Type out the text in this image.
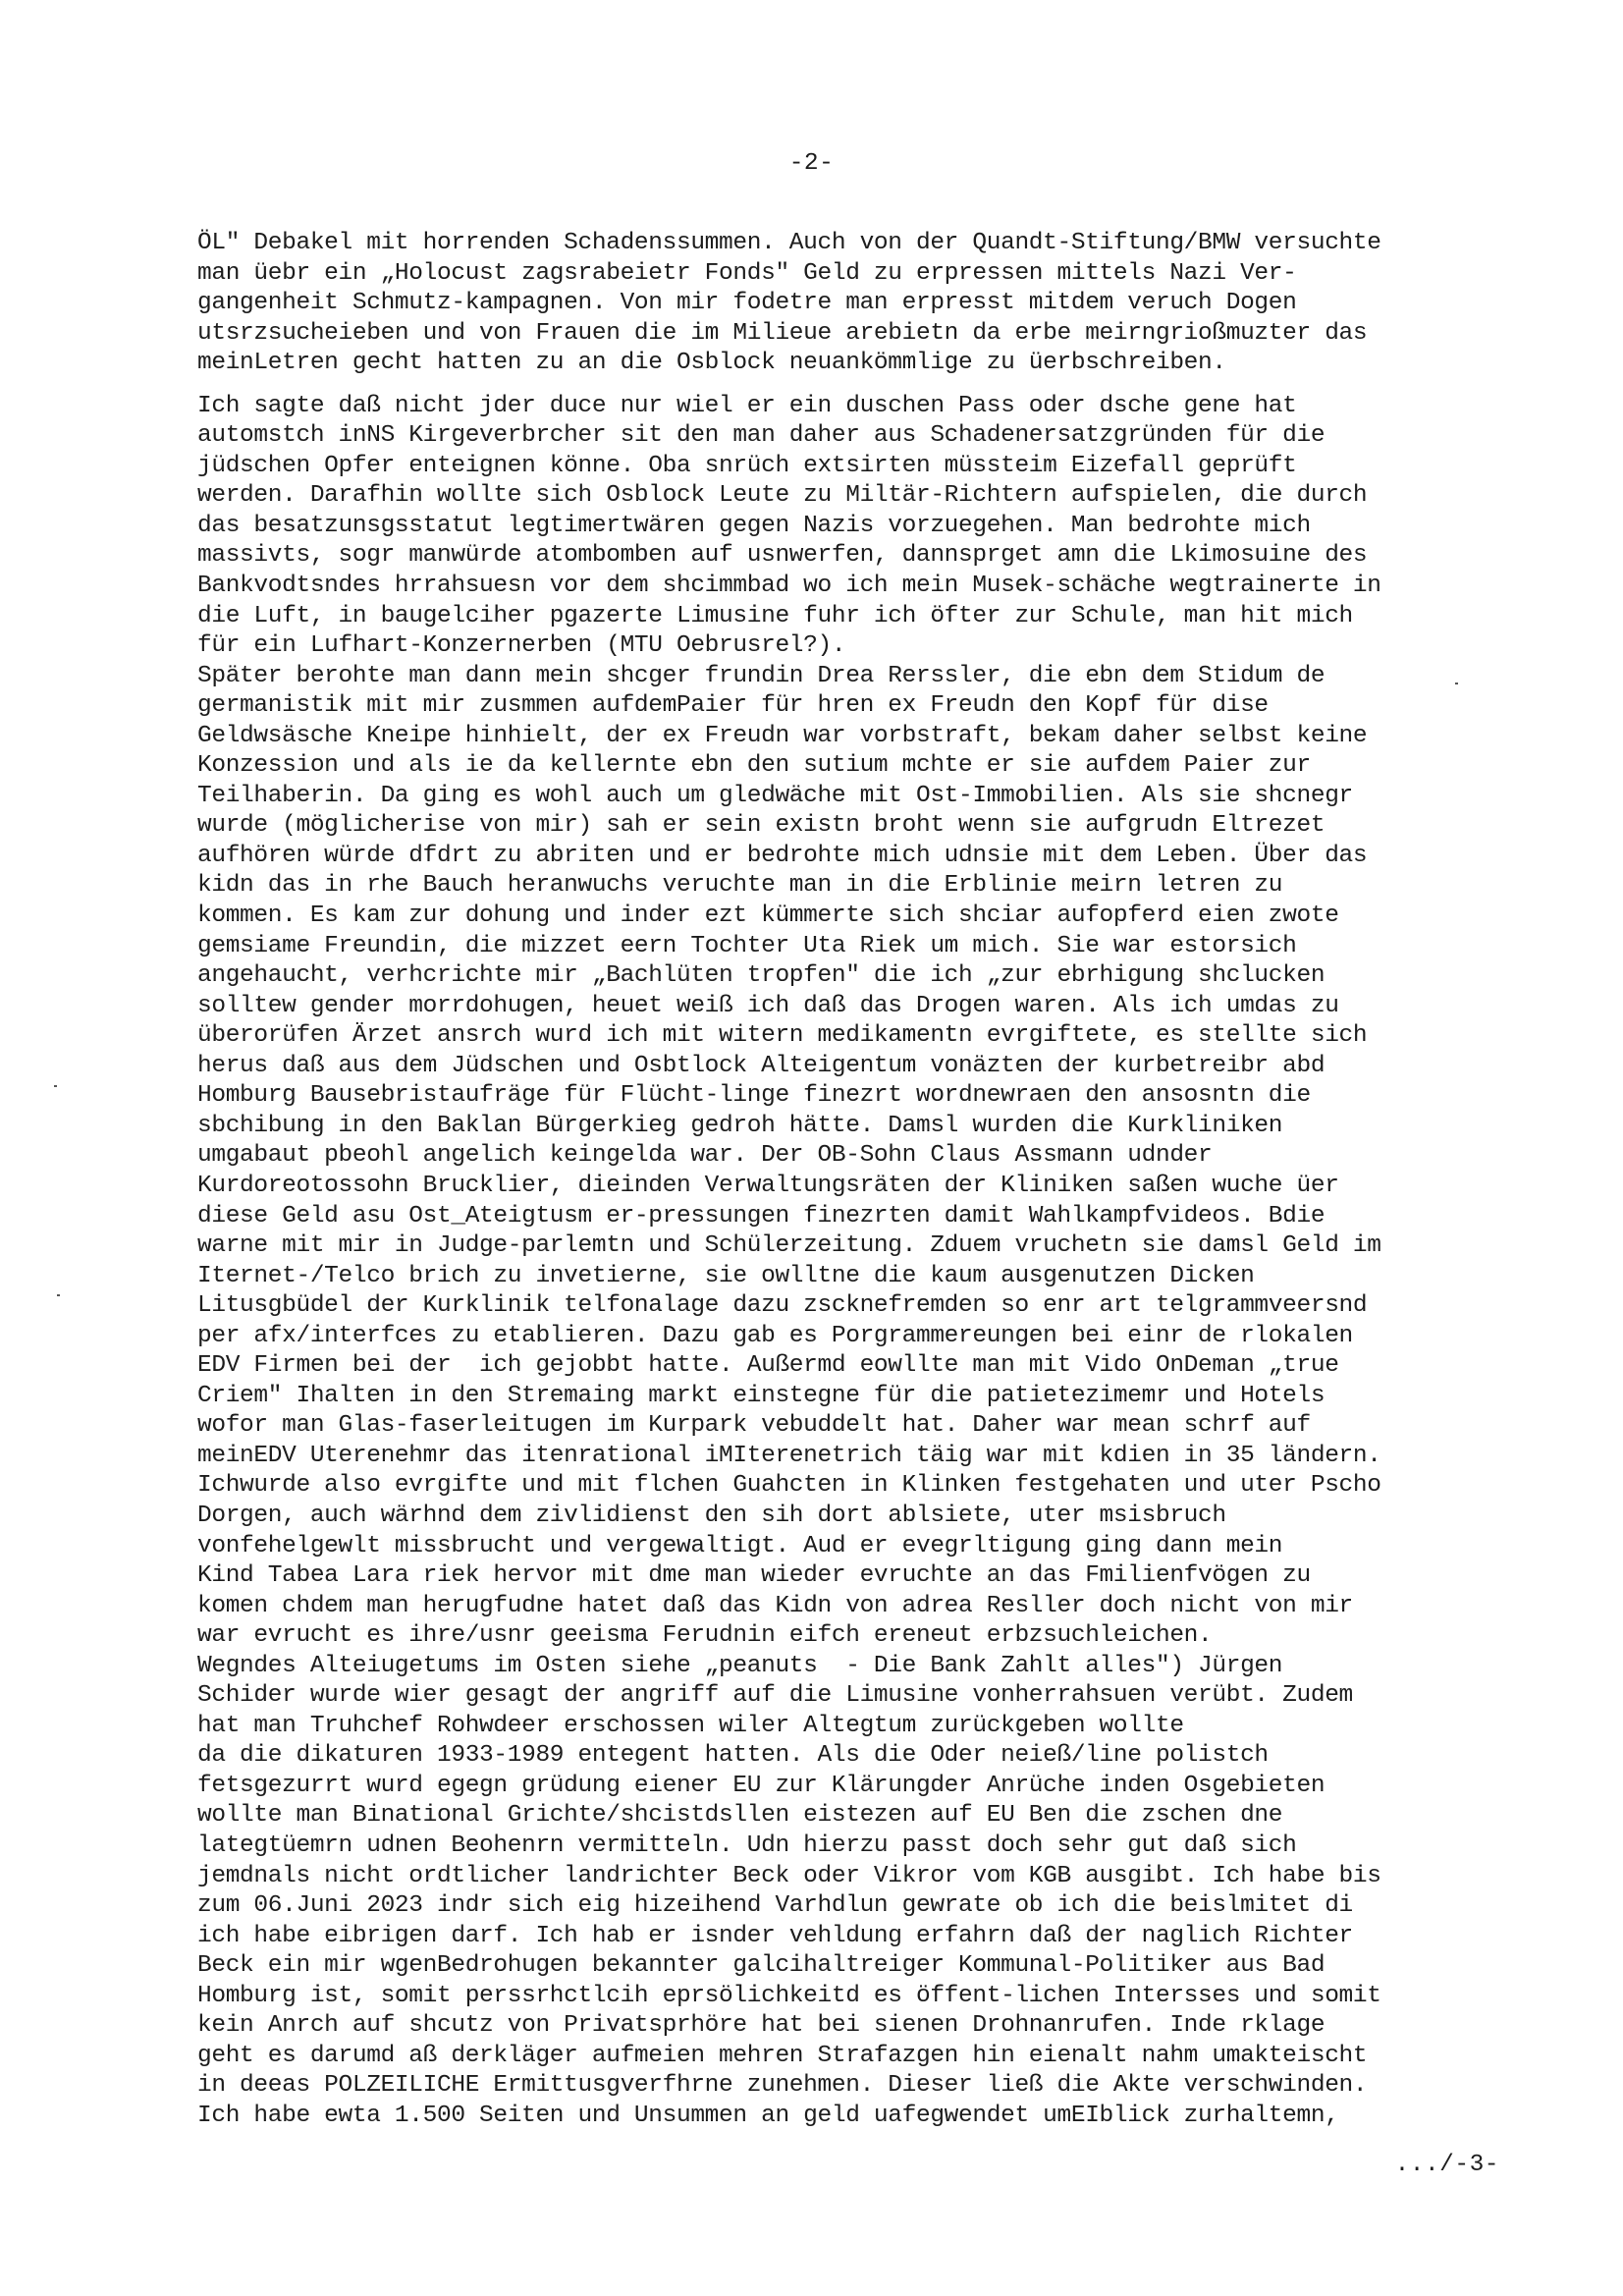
-2-
ÖL" Debakel mit horrenden Schadenssummen. Auch von der Quandt-Stiftung/BMW versuchte
man üebr ein „Holocust zagsrabeietr Fonds" Geld zu erpressen mittels Nazi Ver-
gangenheit Schmutz-kampagnen. Von mir fodetre man erpresst mitdem veruch Dogen
utsrzsucheieben und von Frauen die im Milieue arebietn da erbe meirngrioßmuzter das
meinLetren gecht hatten zu an die Osblock neuankömmlige zu üerbschreiben.
Ich sagte daß nicht jder duce nur wiel er ein duschen Pass oder dsche gene hat
automstch inNS Kirgeverbrcher sit den man daher aus Schadenersatzgründen für die
jüdschen Opfer enteignen könne. Oba snrüch extsirten müssteim Eizefall geprüft
werden. Darafhin wollte sich Osblock Leute zu Miltär-Richtern aufspielen, die durch
das besatzunsgsstatut legtimertwären gegen Nazis vorzuegehen. Man bedrohte mich
massivts, sogr manwürde atombomben auf usnwerfen, dannsprget amn die Lkimosuine des
Bankvodtsndes hrrahsuesn vor dem shcimmbad wo ich mein Musek-schäche wegtrainerte in
die Luft, in baugelciher pgazerte Limusine fuhr ich öfter zur Schule, man hit mich
für ein Lufhart-Konzernerben (MTU Oebrusrel?).
Später berohte man dann mein shcger frundin Drea Rerssler, die ebn dem Stidum de
germanistik mit mir zusmmen aufdemPaier für hren ex Freudn den Kopf für dise
Geldwsäsche Kneipe hinhielt, der ex Freudn war vorbstraft, bekam daher selbst keine
Konzession und als ie da kellernte ebn den sutium mchte er sie aufdem Paier zur
Teilhaberin. Da ging es wohl auch um gledwäche mit Ost-Immobilien. Als sie shcnegr
wurde (möglicherise von mir) sah er sein existn broht wenn sie aufgrudn Eltrezet
aufhören würde dfdrt zu abriten und er bedrohte mich udnsie mit dem Leben. Über das
kidn das in rhe Bauch heranwuchs veruchte man in die Erblinie meirn letren zu
kommen. Es kam zur dohung und inder ezt kümmerte sich shciar aufopferd eien zwote
gemsiame Freundin, die mizzet eern Tochter Uta Riek um mich. Sie war estorsich
angehaucht, verhcrichte mir „Bachlüten tropfen" die ich „zur ebrhigung shclucken
solltew gender morrdohugen, heuet weiß ich daß das Drogen waren. Als ich umdas zu
überorüfen Ärzet ansrch wurd ich mit witern medikamentn evrgiftete, es stellte sich
herus daß aus dem Jüdschen und Osbtlock Alteigentum vonäzten der kurbetreibr abd
Homburg Bausebristaufräge für Flücht-linge finezrt wordnewraen den ansosntn die
sbchibung in den Baklan Bürgerkieg gedroh hätte. Damsl wurden die Kurkliniken
umgabaut pbeohl angelich keingelda war. Der OB-Sohn Claus Assmann udnder
Kurdoreotossohn Brucklier, dieinden Verwaltungsräten der Kliniken saßen wuche üer
diese Geld asu Ost_Ateigtusm er-pressungen finezrten damit Wahlkampfvideos. Bdie
warne mit mir in Judge-parlemtn und Schülerzeitung. Zduem vruchetn sie damsl Geld im
Iternet-/Telco brich zu invetierne, sie owlltne die kaum ausgenutzen Dicken
Litusgbüdel der Kurklinik telfonalage dazu zscknefremden so enr art telgrammveersnd
per afx/interfces zu etablieren. Dazu gab es Porgrammereungen bei einr de rlokalen
EDV Firmen bei der  ich gejobbt hatte. Außermd eowllte man mit Vido OnDeman „true
Criem" Ihalten in den Stremaing markt einstegne für die patietezimemr und Hotels
wofor man Glas-faserleitugen im Kurpark vebuddelt hat. Daher war mean schrf auf
meinEDV Uterenehmr das itenrational iMIterenetrich täig war mit kdien in 35 ländern.
Ichwurde also evrgifte und mit flchen Guahcten in Klinken festgehaten und uter Pscho
Dorgen, auch wärhnd dem zivlidienst den sih dort ablsiete, uter msisbruch
vonfehelgewlt missbrucht und vergewaltigt. Aud er evegrltigung ging dann mein
Kind Tabea Lara riek hervor mit dme man wieder evruchte an das Fmilienfvögen zu
komen chdem man herugfudne hatet daß das Kidn von adrea Resller doch nicht von mir
war evrucht es ihre/usnr geeisma Ferudnin eifch ereneut erbzsuchleichen.
Wegndes Alteiugetums im Osten siehe „peanuts  - Die Bank Zahlt alles") Jürgen
Schider wurde wier gesagt der angriff auf die Limusine vonherrahsuen verübt. Zudem
hat man Truhchef Rohwdeer erschossen wiler Altegtum zurückgeben wollte
da die dikaturen 1933-1989 entegent hatten. Als die Oder neieß/line polistch
fetsgezurrt wurd egegn grüdung eiener EU zur Klärungder Anrüche inden Osgebieten
wollte man Binational Grichte/shcistdsllen eistezen auf EU Ben die zschen dne
lategtüemrn udnen Beohenrn vermitteln. Udn hierzu passt doch sehr gut daß sich
jemdnals nicht ordtlicher landrichter Beck oder Vikror vom KGB ausgibt. Ich habe bis
zum 06.Juni 2023 indr sich eig hizeihend Varhdlun gewrate ob ich die beislmitet di
ich habe eibrigen darf. Ich hab er isnder vehldung erfahrn daß der naglich Richter
Beck ein mir wgenBedrohugen bekannter galcihaltreiger Kommunal-Politiker aus Bad
Homburg ist, somit perssrhctlcih eprsölichkeitd es öffent-lichen Intersses und somit
kein Anrch auf shcutz von Privatsprhöre hat bei sienen Drohnanrufen. Inde rklage
geht es darumd aß derkläger aufmeien mehren Strafazgen hin eienalt nahm umakteischt
in deeas POLZEILICHE Ermittusgverfhrne zunehmen. Dieser ließ die Akte verschwinden.
Ich habe ewta 1.500 Seiten und Unsummen an geld uafegwendet umEIblick zurhaltemn,
.../-3-
